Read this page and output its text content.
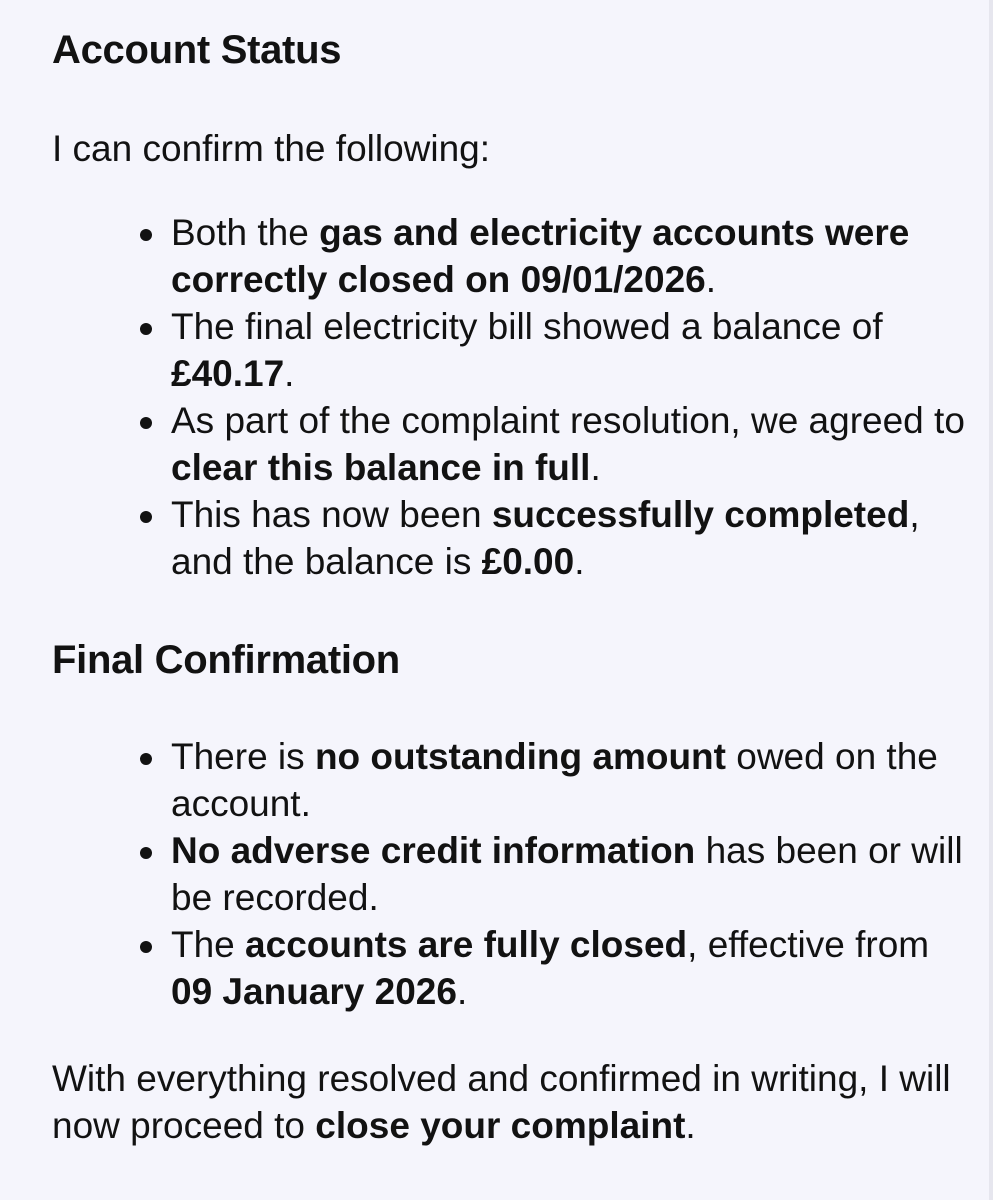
Account Status

I can confirm the following:

Both the gas and electricity accounts were correctly closed on 09/01/2026.
The final electricity bill showed a balance of £40.17.
As part of the complaint resolution, we agreed to clear this balance in full.
This has now been successfully completed, and the balance is £0.00.
Final Confirmation
There is no outstanding amount owed on the account.
No adverse credit information has been or will be recorded.
The accounts are fully closed, effective from 09 January 2026.

With everything resolved and confirmed in writing, I will now proceed to close your complaint.
